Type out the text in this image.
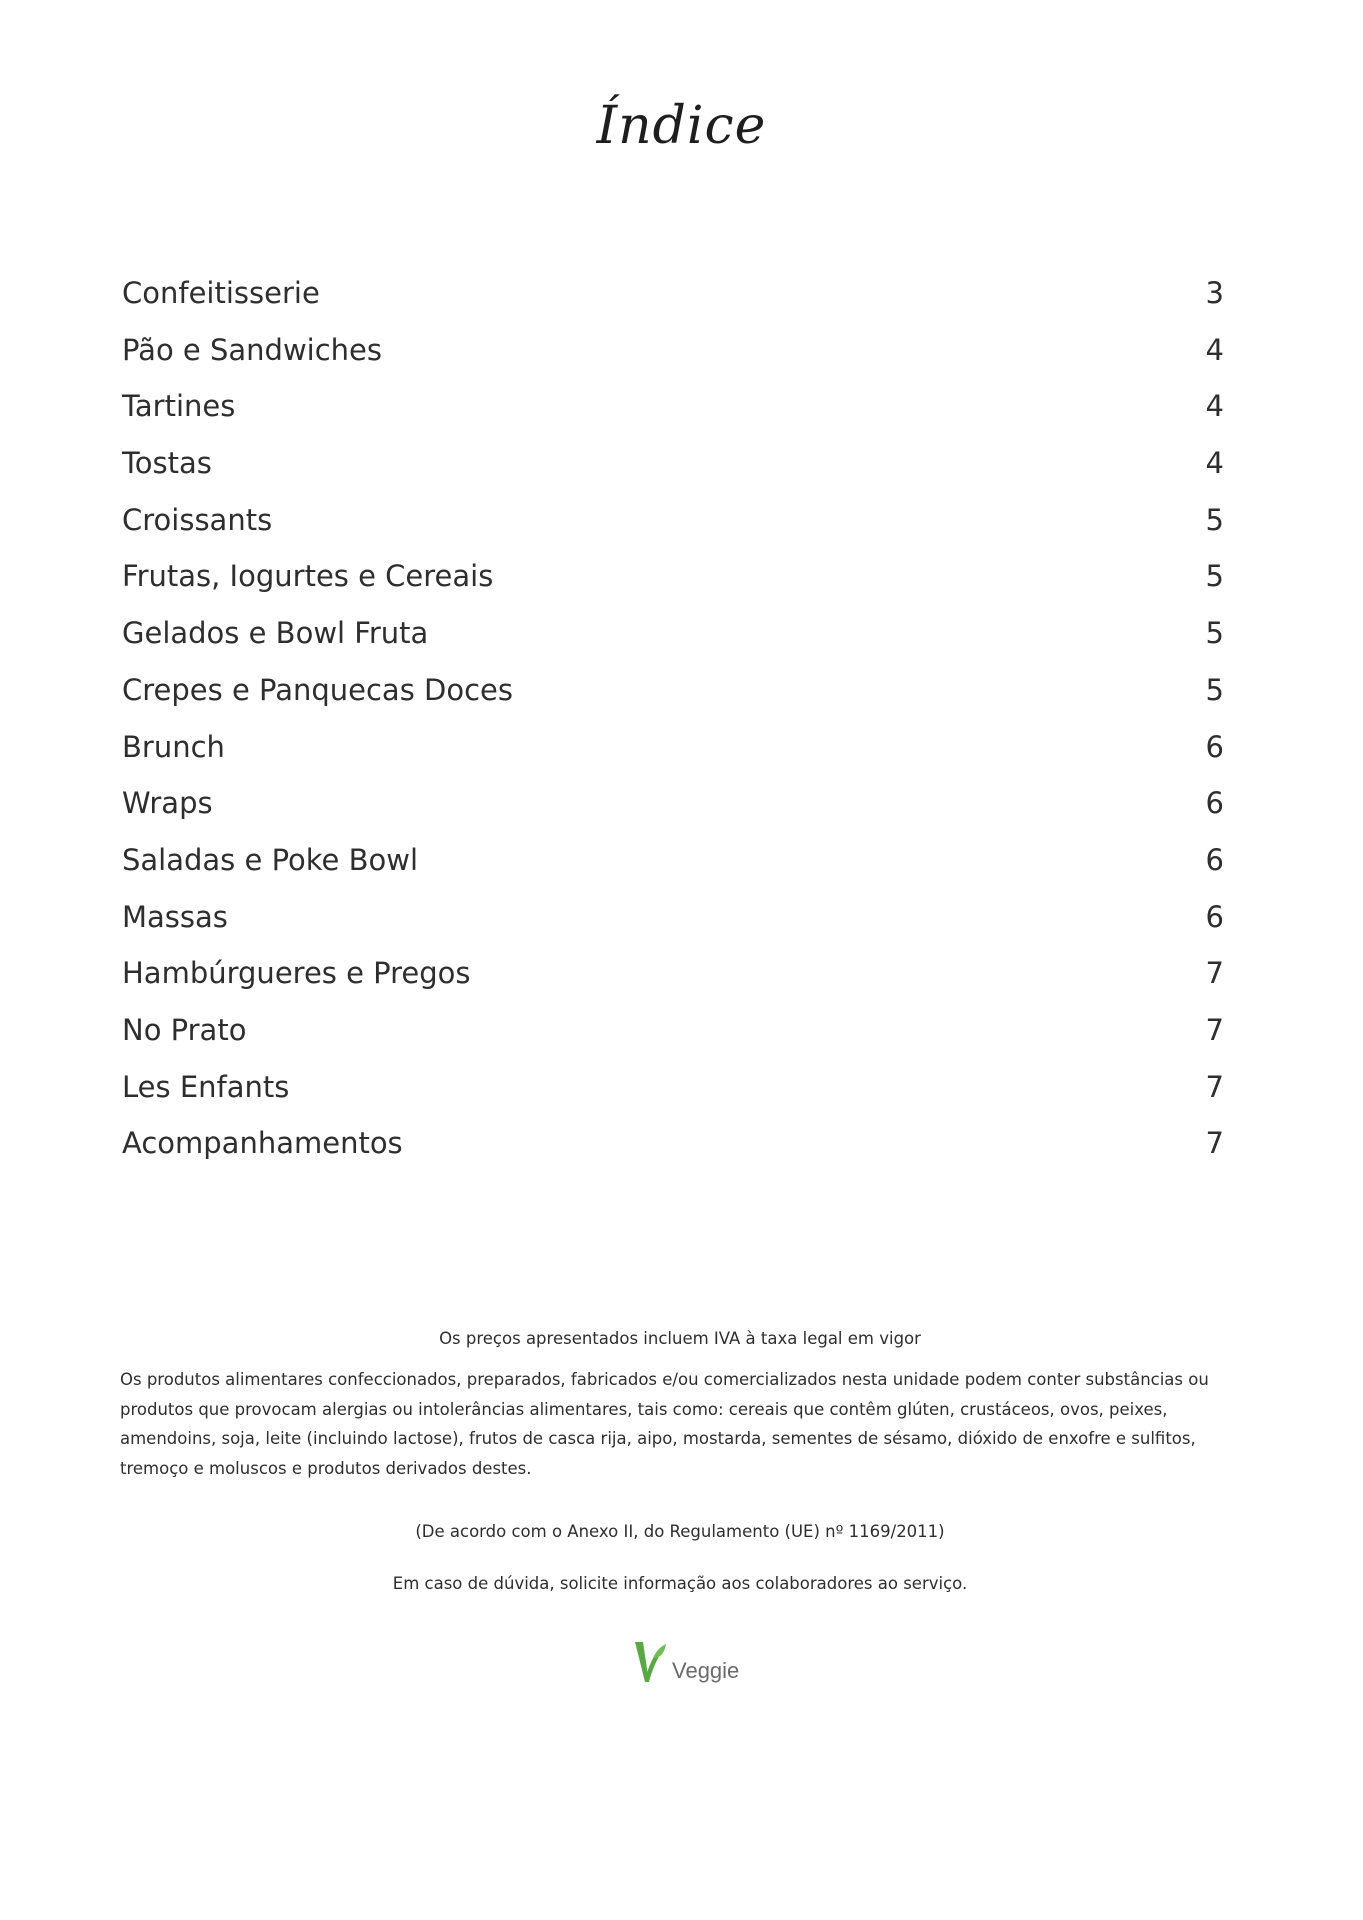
Índice
Confeitisserie	3
Pão e Sandwiches	4
Tartines	4
Tostas	4
Croissants	5
Frutas, Iogurtes e Cereais	5
Gelados e Bowl Fruta	5
Crepes e Panquecas Doces	5
Brunch	6
Wraps	6
Saladas e Poke Bowl	6
Massas	6
Hambúrgueres e Pregos	7
No Prato	7
Les Enfants	7
Acompanhamentos	7
Os preços apresentados incluem IVA à taxa legal em vigor
Os produtos alimentares confeccionados, preparados, fabricados e/ou comercializados nesta unidade podem conter substâncias ou produtos que provocam alergias ou intolerâncias alimentares, tais como: cereais que contêm glúten, crustáceos, ovos, peixes, amendoins, soja, leite (incluindo lactose), frutos de casca rija, aipo, mostarda, sementes de sésamo, dióxido de enxofre e sulfitos, tremoço e moluscos e produtos derivados destes.
(De acordo com o Anexo II, do Regulamento (UE) nº 1169/2011)
Em caso de dúvida, solicite informação aos colaboradores ao serviço.
Veggie
